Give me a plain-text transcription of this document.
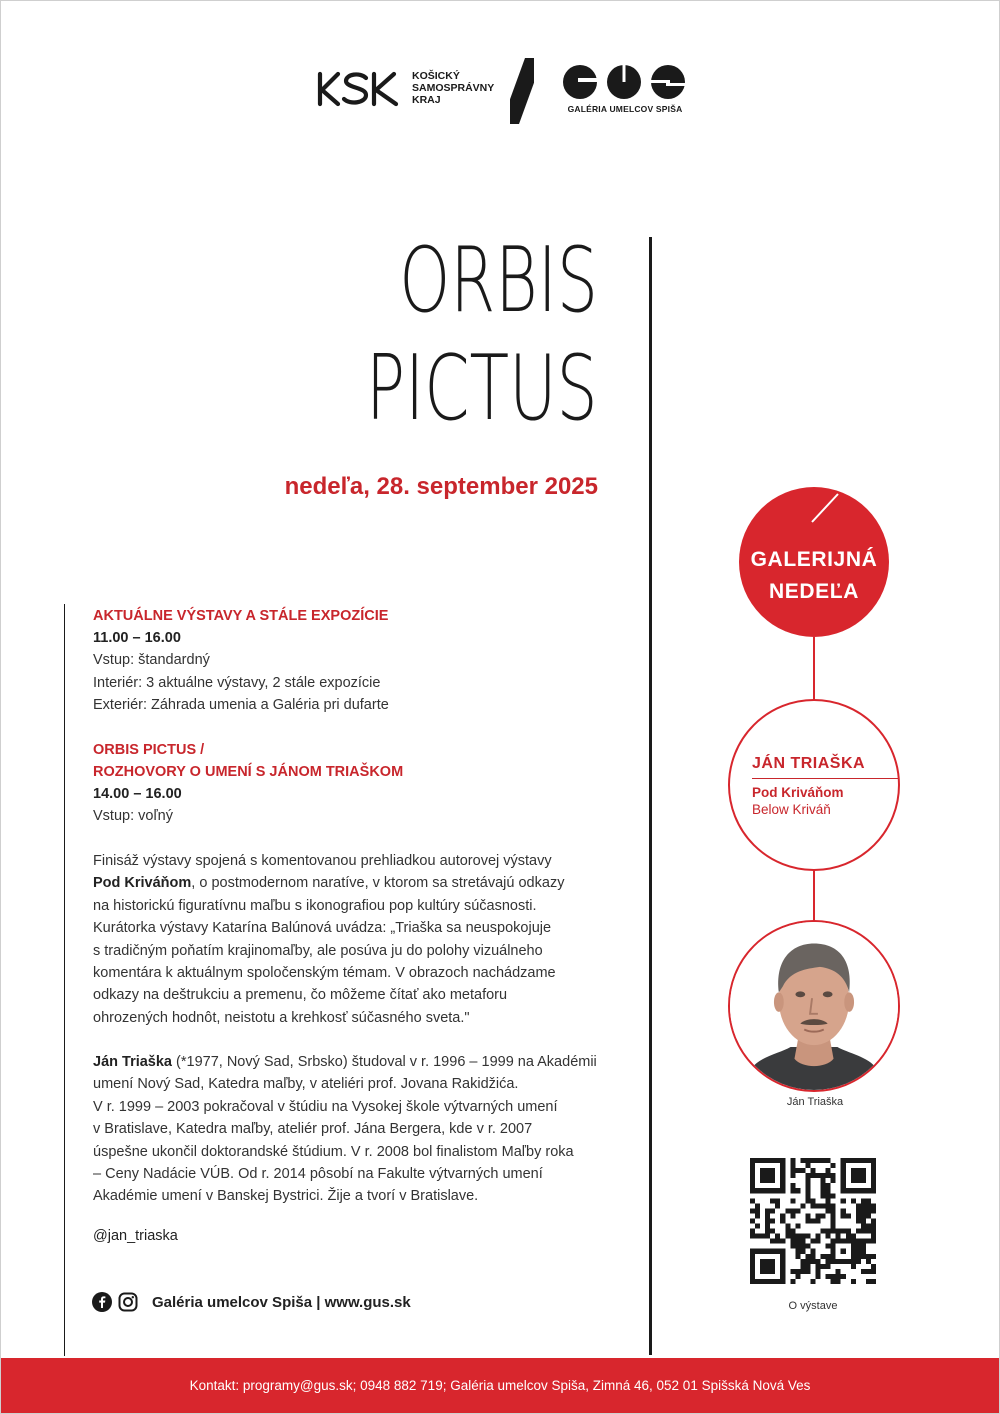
KOŠICKÝ
SAMOSPRÁVNY
KRAJ
GALÉRIA UMELCOV SPIŠA
ORBIS
PICTUS
nedeľa, 28. september 2025
AKTUÁLNE VÝSTAVY A STÁLE EXPOZÍCIE
11.00 – 16.00
Vstup: štandardný
Interiér: 3 aktuálne výstavy, 2 stále expozície
Exteriér: Záhrada umenia a Galéria pri dufarte
ORBIS PICTUS /
ROZHOVORY O UMENÍ S JÁNOM TRIAŠKOM
14.00 – 16.00
Vstup: voľný
Finisáž výstavy spojená s komentovanou prehliadkou autorovej výstavy
Pod Kriváňom, o postmodernom naratíve, v ktorom sa stretávajú odkazy
na historickú figuratívnu maľbu s ikonografiou pop kultúry súčasnosti.
Kurátorka výstavy Katarína Balúnová uvádza: „Triaška sa neuspokojuje
s tradičným poňatím krajinomaľby, ale posúva ju do polohy vizuálneho
komentára k aktuálnym spoločenským témam. V obrazoch nachádzame
odkazy na deštrukciu a premenu, čo môžeme čítať ako metaforu
ohrozených hodnôt, neistotu a krehkosť súčasného sveta."
Ján Triaška (*1977, Nový Sad, Srbsko) študoval v r. 1996 – 1999 na Akadémii
umení Nový Sad, Katedra maľby, v ateliéri prof. Jovana Rakidžića.
V r. 1999 – 2003 pokračoval v štúdiu na Vysokej škole výtvarných umení
v Bratislave, Katedra maľby, ateliér prof. Jána Bergera, kde v r. 2007
úspešne ukončil doktorandské štúdium. V r. 2008 bol finalistom Maľby roka
– Ceny Nadácie VÚB. Od r. 2014 pôsobí na Fakulte výtvarných umení
Akadémie umení v Banskej Bystrici. Žije a tvorí v Bratislave.
@jan_triaska
Galéria umelcov Spiša | www.gus.sk
GALERIJNÁ
NEDEĽA
JÁN TRIAŠKA
Pod Kriváňom
Below Kriváň
Ján Triaška
O výstave
Kontakt: programy@gus.sk; 0948 882 719; Galéria umelcov Spiša, Zimná 46, 052 01 Spišská Nová Ves
